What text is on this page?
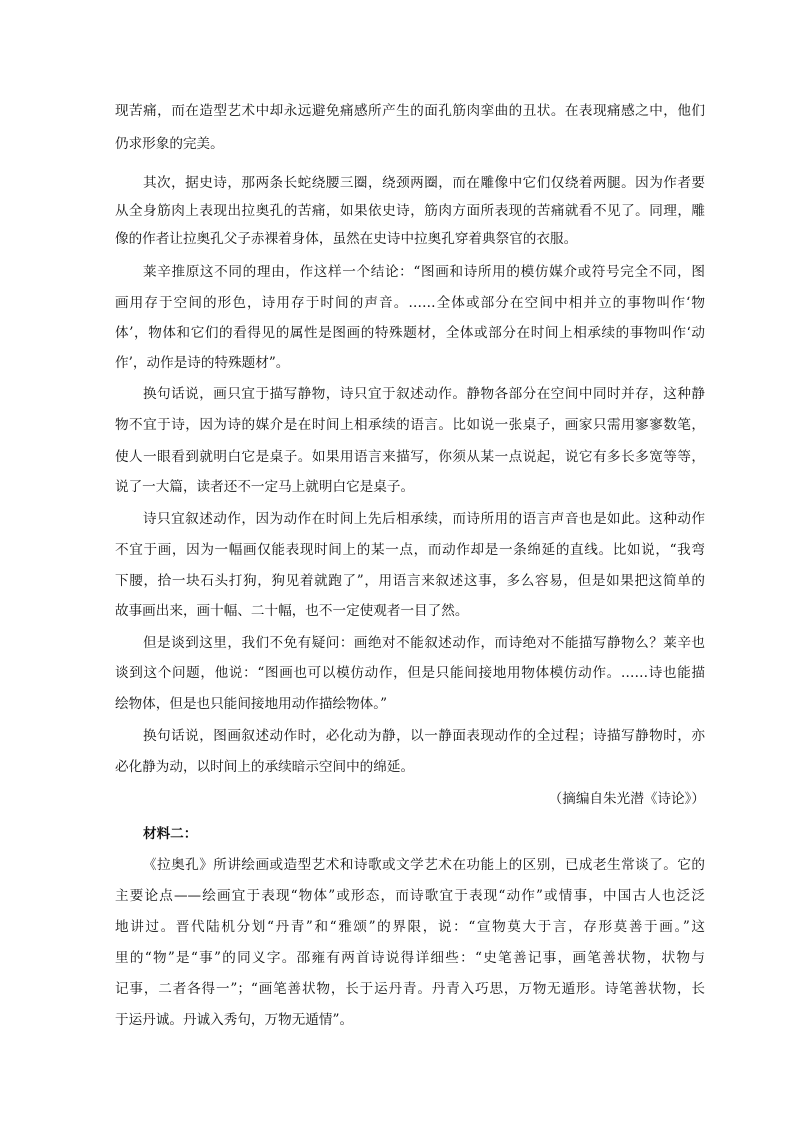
现苦痛，而在造型艺术中却永远避免痛感所产生的面孔筋肉挛曲的丑状。在表现痛感之中，他们
仍求形象的完美。
其次，据史诗，那两条长蛇绕腰三圈，绕颈两圈，而在雕像中它们仅绕着两腿。因为作者要
从全身筋肉上表现出拉奥孔的苦痛，如果依史诗，筋肉方面所表现的苦痛就看不见了。同理，雕
像的作者让拉奥孔父子赤裸着身体，虽然在史诗中拉奥孔穿着典祭官的衣服。
莱辛推原这不同的理由，作这样一个结论：“图画和诗所用的模仿媒介或符号完全不同，图
画用存于空间的形色，诗用存于时间的声音。……全体或部分在空间中相并立的事物叫作‘物
体’，物体和它们的看得见的属性是图画的特殊题材，全体或部分在时间上相承续的事物叫作‘动
作’，动作是诗的特殊题材”。
换句话说，画只宜于描写静物，诗只宜于叙述动作。静物各部分在空间中同时并存，这种静
物不宜于诗，因为诗的媒介是在时间上相承续的语言。比如说一张桌子，画家只需用寥寥数笔，
使人一眼看到就明白它是桌子。如果用语言来描写，你须从某一点说起，说它有多长多宽等等，
说了一大篇，读者还不一定马上就明白它是桌子。
诗只宜叙述动作，因为动作在时间上先后相承续，而诗所用的语言声音也是如此。这种动作
不宜于画，因为一幅画仅能表现时间上的某一点，而动作却是一条绵延的直线。比如说，“我弯
下腰，拾一块石头打狗，狗见着就跑了”，用语言来叙述这事，多么容易，但是如果把这简单的
故事画出来，画十幅、二十幅，也不一定使观者一目了然。
但是谈到这里，我们不免有疑问：画绝对不能叙述动作，而诗绝对不能描写静物么？莱辛也
谈到这个问题，他说：“图画也可以模仿动作，但是只能间接地用物体模仿动作。……诗也能描
绘物体，但是也只能间接地用动作描绘物体。”
换句话说，图画叙述动作时，必化动为静，以一静面表现动作的全过程；诗描写静物时，亦
必化静为动，以时间上的承续暗示空间中的绵延。
（摘编自朱光潜《诗论》）
材料二：
《拉奥孔》所讲绘画或造型艺术和诗歌或文学艺术在功能上的区别，已成老生常谈了。它的
主要论点——绘画宜于表现“物体”或形态，而诗歌宜于表现“动作”或情事，中国古人也泛泛
地讲过。晋代陆机分划“丹青”和“雅颂”的界限，说：“宣物莫大于言，存形莫善于画。”这
里的“物”是“事”的同义字。邵雍有两首诗说得详细些：“史笔善记事，画笔善状物，状物与
记事，二者各得一”；“画笔善状物，长于运丹青。丹青入巧思，万物无遁形。诗笔善状物，长
于运丹诚。丹诚入秀句，万物无遁情”。
